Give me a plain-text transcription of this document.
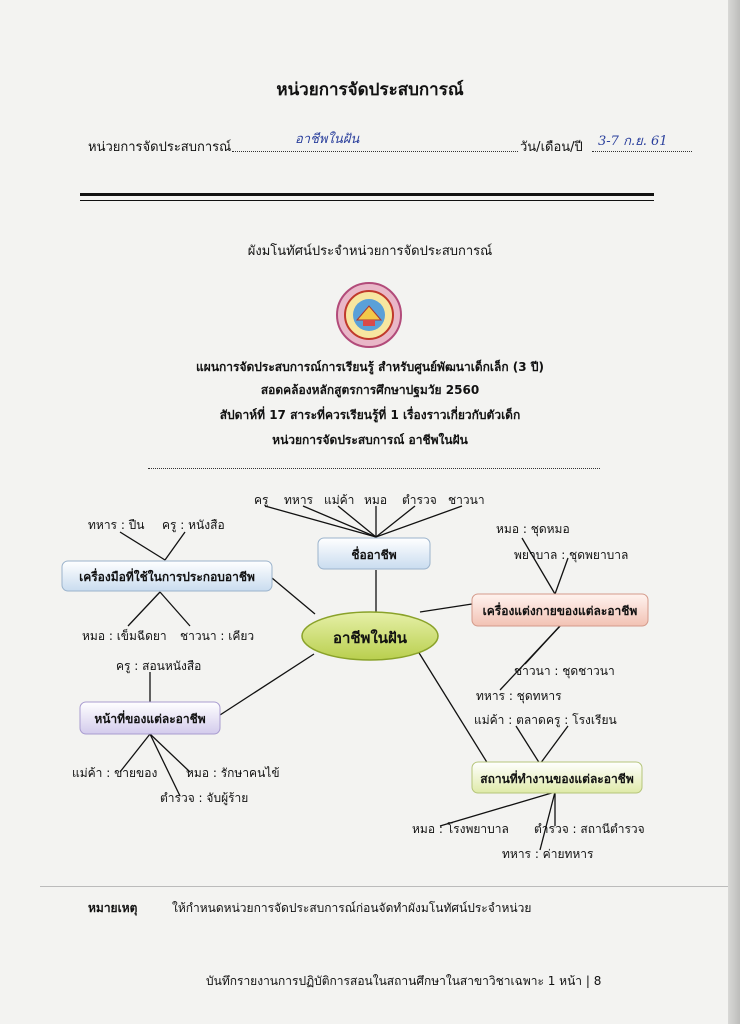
หน่วยการจัดประสบการณ์
หน่วยการจัดประสบการณ์
อาชีพในฝัน
วัน/เดือน/ปี 3-7 ก.ย. 61
ผังมโนทัศน์ประจำหน่วยการจัดประสบการณ์
แผนการจัดประสบการณ์การเรียนรู้ สำหรับศูนย์พัฒนาเด็กเล็ก (3 ปี)
สอดคล้องหลักสูตรการศึกษาปฐมวัย 2560
สัปดาห์ที่ 17 สาระที่ควรเรียนรู้ที่ 1 เรื่องราวเกี่ยวกับตัวเด็ก
หน่วยการจัดประสบการณ์ อาชีพในฝัน
อาชีพในฝัน
ชื่ออาชีพ
ครู ทหาร แม่ค้า หมอ ตำรวจ ชาวนา
เครื่องมือที่ใช้ในการประกอบอาชีพ
ทหาร : ปืน ครู : หนังสือ
หมอ : เข็มฉีดยา ชาวนา : เคียว
เครื่องแต่งกายของแต่ละอาชีพ
หมอ : ชุดหมอ
พยาบาล : ชุดพยาบาล
ชาวนา : ชุดชาวนา
ทหาร : ชุดทหาร
หน้าที่ของแต่ละอาชีพ
ครู : สอนหนังสือ
แม่ค้า : ขายของ หมอ : รักษาคนไข้
ตำรวจ : จับผู้ร้าย
สถานที่ทำงานของแต่ละอาชีพ
แม่ค้า : ตลาด ครู : โรงเรียน
หมอ : โรงพยาบาล ตำรวจ : สถานีตำรวจ
ทหาร : ค่ายทหาร
หมายเหตุ	ให้กำหนดหน่วยการจัดประสบการณ์ก่อนจัดทำผังมโนทัศน์ประจำหน่วย
บันทึกรายงานการปฏิบัติการสอนในสถานศึกษาในสาขาวิชาเฉพาะ 1 หน้า | 8
